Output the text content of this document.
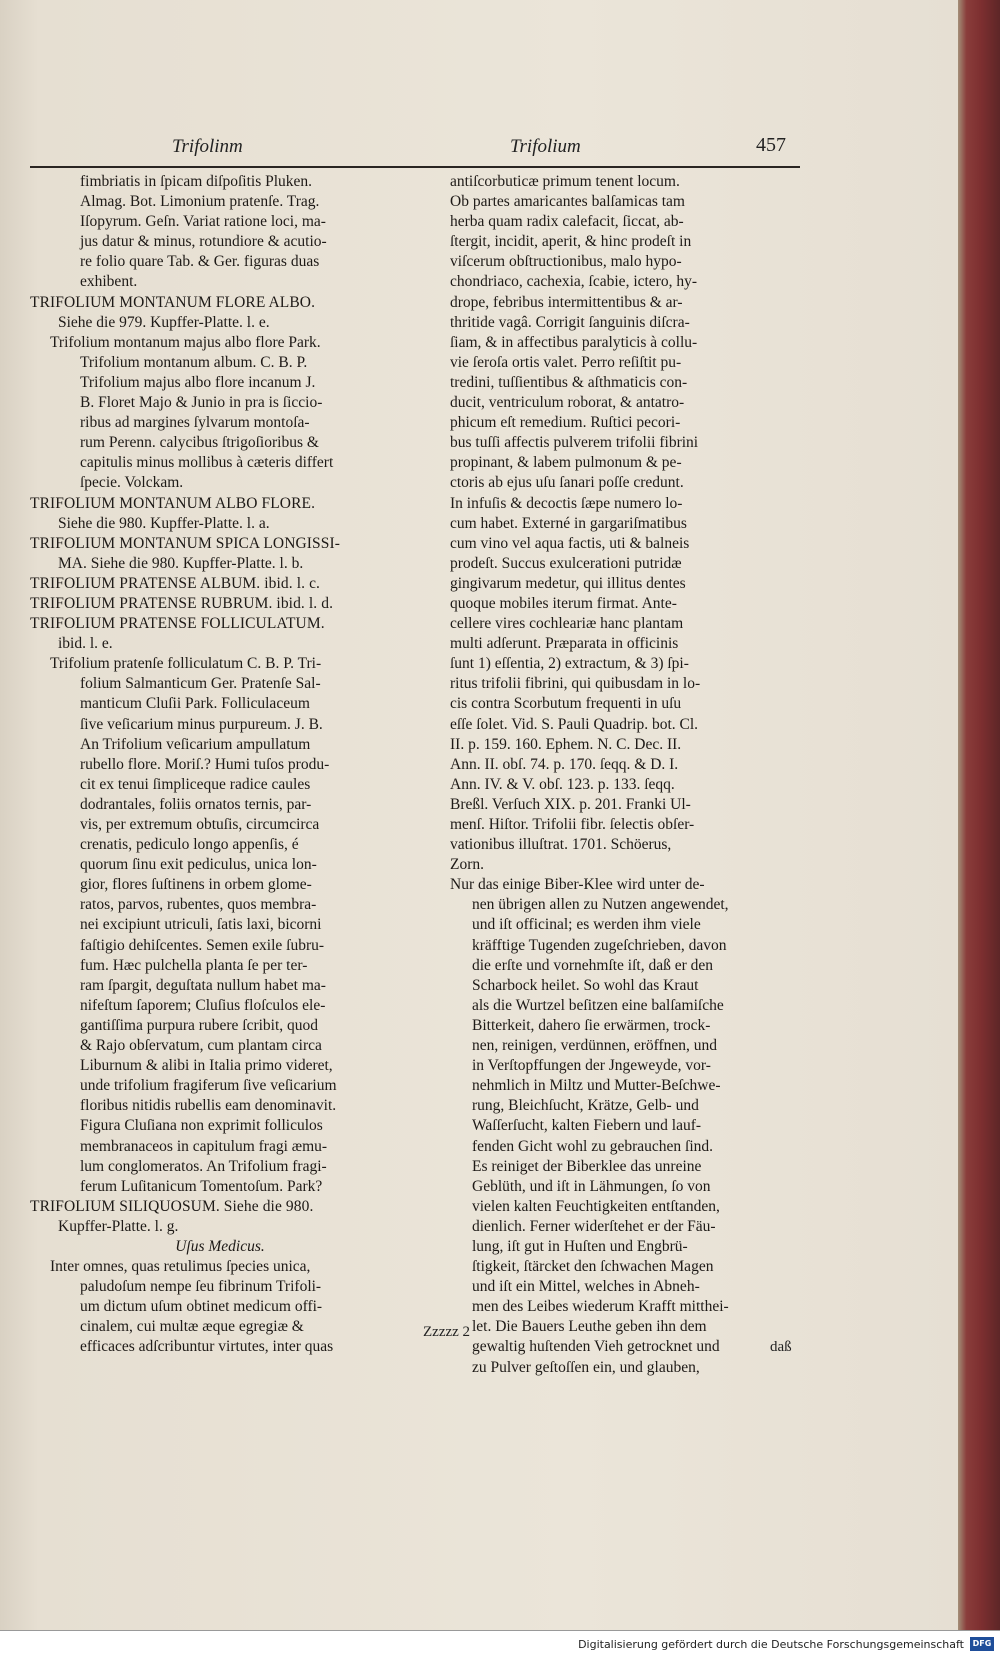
Trifolinm	Trifolium	457
fimbriatis in ſpicam diſpoſitis Pluken.
Almag. Bot. Limonium pratenſe. Trag.
Iſopyrum. Geſn. Variat ratione loci, ma-
jus datur & minus, rotundiore & acutio-
re folio quare Tab. & Ger. figuras duas
exhibent.
TRIFOLIUM MONTANUM FLORE ALBO.
Siehe die 979. Kupffer-Platte. l. e.
Trifolium montanum majus albo flore Park.
Trifolium montanum album. C. B. P.
Trifolium majus albo flore incanum J.
B. Floret Majo & Junio in pra is ſiccio-
ribus ad margines ſylvarum montoſa-
rum Perenn. calycibus ſtrigoſioribus &
capitulis minus mollibus à cæteris differt
ſpecie. Volckam.
TRIFOLIUM MONTANUM ALBO FLORE.
Siehe die 980. Kupffer-Platte. l. a.
TRIFOLIUM MONTANUM SPICA LONGISSI-
MA. Siehe die 980. Kupffer-Platte. l. b.
TRIFOLIUM PRATENSE ALBUM. ibid. l. c.
TRIFOLIUM PRATENSE RUBRUM. ibid. l. d.
TRIFOLIUM PRATENSE FOLLICULATUM.
ibid. l. e.
Trifolium pratenſe folliculatum C. B. P. Tri-
folium Salmanticum Ger. Pratenſe Sal-
manticum Cluſii Park. Folliculaceum
ſive veſicarium minus purpureum. J. B.
An Trifolium veſicarium ampullatum
rubello flore. Moriſ.? Humi tuſos produ-
cit ex tenui ſimpliceque radice caules
dodrantales, foliis ornatos ternis, par-
vis, per extremum obtuſis, circumcirca
crenatis, pediculo longo appenſis, é
quorum ſinu exit pediculus, unica lon-
gior, flores ſuſtinens in orbem glome-
ratos, parvos, rubentes, quos membra-
nei excipiunt utriculi, ſatis laxi, bicorni
faſtigio dehiſcentes. Semen exile ſubru-
fum. Hæc pulchella planta ſe per ter-
ram ſpargit, deguſtata nullum habet ma-
nifeſtum ſaporem; Cluſius floſculos ele-
gantiſſima purpura rubere ſcribit, quod
& Rajo obſervatum, cum plantam circa
Liburnum & alibi in Italia primo videret,
unde trifolium fragiferum ſive veſicarium
floribus nitidis rubellis eam denominavit.
Figura Cluſiana non exprimit folliculos
membranaceos in capitulum fragi æmu-
lum conglomeratos. An Trifolium fragi-
ferum Luſitanicum Tomentoſum. Park?
TRIFOLIUM SILIQUOSUM. Siehe die 980.
Kupffer-Platte. l. g.
Uſus Medicus.
Inter omnes, quas retulimus ſpecies unica,
paludoſum nempe ſeu fibrinum Trifoli-
um dictum uſum obtinet medicum offi-
cinalem, cui multæ æque egregiæ &
efficaces adſcribuntur virtutes, inter quas
antiſcorbuticæ primum tenent locum.
Ob partes amaricantes balſamicas tam
herba quam radix calefacit, ſiccat, ab-
ſtergit, incidit, aperit, & hinc prodeſt in
viſcerum obſtructionibus, malo hypo-
chondriaco, cachexia, ſcabie, ictero, hy-
drope, febribus intermittentibus & ar-
thritide vagâ. Corrigit ſanguinis diſcra-
ſiam, & in affectibus paralyticis à collu-
vie ſeroſa ortis valet. Perro reſiſtit pu-
tredini, tuſſientibus & aſthmaticis con-
ducit, ventriculum roborat, & antatro-
phicum eſt remedium. Ruſtici pecori-
bus tuſſi affectis pulverem trifolii fibrini
propinant, & labem pulmonum & pe-
ctoris ab ejus uſu ſanari poſſe credunt.
In infuſis & decoctis ſæpe numero lo-
cum habet. Externé in gargariſmatibus
cum vino vel aqua factis, uti & balneis
prodeſt. Succus exulcerationi putridæ
gingivarum medetur, qui illitus dentes
quoque mobiles iterum firmat. Ante-
cellere vires cochleariæ hanc plantam
multi adſerunt. Præparata in officinis
ſunt 1) eſſentia, 2) extractum, & 3) ſpi-
ritus trifolii fibrini, qui quibusdam in lo-
cis contra Scorbutum frequenti in uſu
eſſe ſolet. Vid. S. Pauli Quadrip. bot. Cl.
II. p. 159. 160. Ephem. N. C. Dec. II.
Ann. II. obſ. 74. p. 170. ſeqq. & D. I.
Ann. IV. & V. obſ. 123. p. 133. ſeqq.
Breßl. Verſuch XIX. p. 201. Franki Ul-
menſ. Hiſtor. Trifolii fibr. ſelectis obſer-
vationibus illuſtrat. 1701. Schöerus,
Zorn.
Nur das einige Biber-Klee wird unter de-
nen übrigen allen zu Nutzen angewendet,
und iſt officinal; es werden ihm viele
kräfftige Tugenden zugeſchrieben, davon
die erſte und vornehmſte iſt, daß er den
Scharbock heilet. So wohl das Kraut
als die Wurtzel beſitzen eine balſamiſche
Bitterkeit, dahero ſie erwärmen, trock-
nen, reinigen, verdünnen, eröffnen, und
in Verſtopffungen der Jngeweyde, vor-
nehmlich in Miltz und Mutter-Beſchwe-
rung, Bleichſucht, Krätze, Gelb- und
Waſſerſucht, kalten Fiebern und lauf-
fenden Gicht wohl zu gebrauchen ſind.
Es reiniget der Biberklee das unreine
Geblüth, und iſt in Lähmungen, ſo von
vielen kalten Feuchtigkeiten entſtanden,
dienlich. Ferner widerſtehet er der Fäu-
lung, iſt gut in Huſten und Engbrü-
ſtigkeit, ſtärcket den ſchwachen Magen
und iſt ein Mittel, welches in Abneh-
men des Leibes wiederum Krafft mitthei-
let. Die Bauers Leuthe geben ihn dem
gewaltig huſtenden Vieh getrocknet und
zu Pulver geſtoſſen ein, und glauben,
Zzzzz 2
daß
Digitalisierung gefördert durch die Deutsche Forschungsgemeinschaft	DFG
